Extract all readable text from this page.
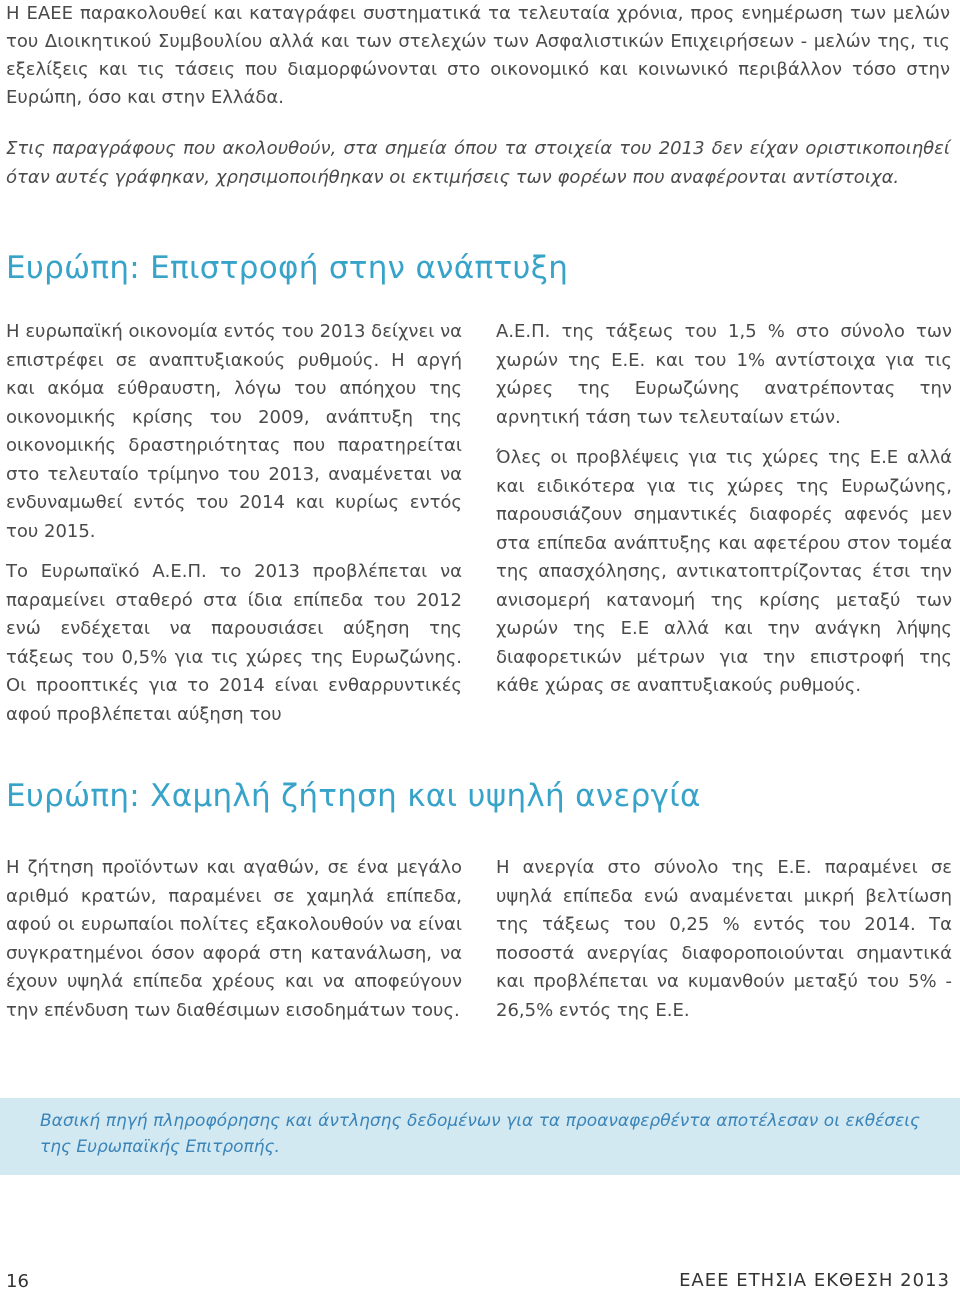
Η ΕΑΕΕ παρακολουθεί και καταγράφει συστηματικά τα τελευταία χρόνια, προς ενημέρωση των μελών του Διοικητικού Συμβουλίου αλλά και των στελεχών των Ασφαλιστικών Επιχειρήσεων - μελών της, τις εξελίξεις και τις τάσεις που διαμορφώνονται στο οικονομικό και κοινωνικό περιβάλλον τόσο στην Ευρώπη, όσο και στην Ελλάδα.

Στις παραγράφους που ακολουθούν, στα σημεία όπου τα στοιχεία του 2013 δεν είχαν οριστικοποιηθεί όταν αυτές γράφηκαν, χρησιμοποιήθηκαν οι εκτιμήσεις των φορέων που αναφέρονται αντίστοιχα.

Ευρώπη: Επιστροφή στην ανάπτυξη

Η ευρωπαϊκή οικονομία εντός του 2013 δείχνει να επιστρέφει σε αναπτυξιακούς ρυθμούς. Η αργή και ακόμα εύθραυστη, λόγω του απόηχου της οικονομικής κρίσης του 2009, ανάπτυξη της οικονομικής δραστηριότητας που παρατηρείται στο τελευταίο τρίμηνο του 2013, αναμένεται να ενδυναμωθεί εντός του 2014 και κυρίως εντός του 2015.

Το Ευρωπαϊκό Α.Ε.Π. το 2013 προβλέπεται να παραμείνει σταθερό στα ίδια επίπεδα του 2012 ενώ ενδέχεται να παρουσιάσει αύξηση της τάξεως του 0,5% για τις χώρες της Ευρωζώνης. Οι προοπτικές για το 2014 είναι ενθαρρυντικές αφού προβλέπεται αύξηση του

Α.Ε.Π. της τάξεως του 1,5 % στο σύνολο των χωρών της Ε.Ε. και του 1% αντίστοιχα για τις χώρες της Ευρωζώνης ανατρέποντας την αρνητική τάση των τελευταίων ετών.

Όλες οι προβλέψεις για τις χώρες της Ε.Ε αλλά και ειδικότερα για τις χώρες της Ευρωζώνης, παρουσιάζουν σημαντικές διαφορές αφενός μεν στα επίπεδα ανάπτυξης και αφετέρου στον τομέα της απασχόλησης, αντικατοπτρίζοντας έτσι την ανισομερή κατανομή της κρίσης μεταξύ των χωρών της Ε.Ε αλλά και την ανάγκη λήψης διαφορετικών μέτρων για την επιστροφή της κάθε χώρας σε αναπτυξιακούς ρυθμούς.

Ευρώπη: Χαμηλή ζήτηση και υψηλή ανεργία

Η ζήτηση προϊόντων και αγαθών, σε ένα μεγάλο αριθμό κρατών, παραμένει σε χαμηλά επίπεδα, αφού οι ευρωπαίοι πολίτες εξακολουθούν να είναι συγκρατημένοι όσον αφορά στη κατανάλωση, να έχουν υψηλά επίπεδα χρέους και να αποφεύγουν την επένδυση των διαθέσιμων εισοδημάτων τους.

Η ανεργία στο σύνολο της Ε.Ε. παραμένει σε υψηλά επίπεδα ενώ αναμένεται μικρή βελτίωση της τάξεως του 0,25 % εντός του 2014. Τα ποσοστά ανεργίας διαφοροποιούνται σημαντικά και προβλέπεται να κυμανθούν μεταξύ του 5% - 26,5% εντός της Ε.Ε.

Βασική πηγή πληροφόρησης και άντλησης δεδομένων για τα προαναφερθέντα αποτέλεσαν οι εκθέσεις της Ευρωπαϊκής Επιτροπής.

16	ΕΑΕΕ ΕΤΗΣΙΑ ΕΚΘΕΣΗ 2013
